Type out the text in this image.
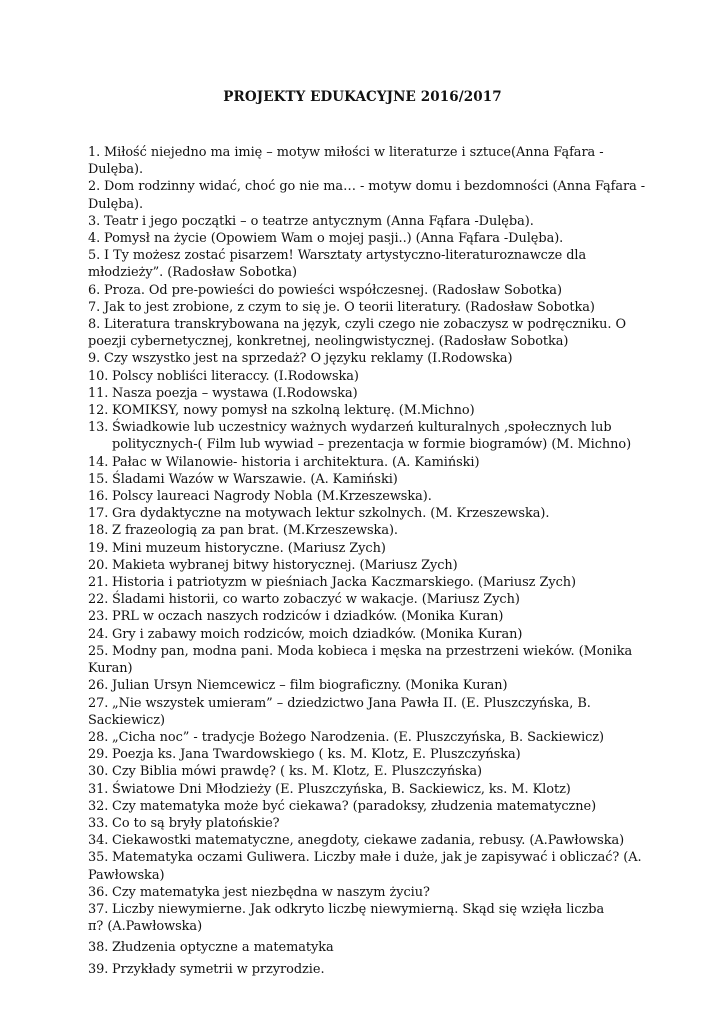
PROJEKTY EDUKACYJNE 2016/2017
1. Miłość niejedno ma imię – motyw miłości w literaturze i sztuce(Anna Fąfara -Dulęba).
2. Dom rodzinny widać, choć go nie ma… - motyw domu i bezdomności (Anna Fąfara -
Dulęba).
3. Teatr i jego początki – o teatrze antycznym (Anna Fąfara -Dulęba).
4. Pomysł na życie (Opowiem Wam o mojej pasji..) (Anna Fąfara -Dulęba).
5. I Ty możesz zostać pisarzem! Warsztaty artystyczno-literaturoznawcze dla
młodzieży”. (Radosław Sobotka)
6. Proza. Od pre-powieści do powieści współczesnej. (Radosław Sobotka)
7. Jak to jest zrobione, z czym to się je. O teorii literatury. (Radosław Sobotka)
8. Literatura transkrybowana na język, czyli czego nie zobaczysz w podręczniku. O
poezji cybernetycznej, konkretnej, neolingwistycznej. (Radosław Sobotka)
9. Czy wszystko jest na sprzedaż? O języku reklamy (I.Rodowska)
10. Polscy nobliści literaccy. (I.Rodowska)
11. Nasza poezja – wystawa (I.Rodowska)
12. KOMIKSY, nowy pomysł na szkolną lekturę. (M.Michno)
13. Świadkowie lub uczestnicy ważnych wydarzeń kulturalnych ,społecznych lub
politycznych-( Film lub wywiad – prezentacja w formie biogramów) (M. Michno)
14. Pałac w Wilanowie- historia i architektura. (A. Kamiński)
15. Śladami Wazów w Warszawie. (A. Kamiński)
16. Polscy laureaci Nagrody Nobla (M.Krzeszewska).
17. Gra dydaktyczne na motywach lektur szkolnych. (M. Krzeszewska).
18. Z frazeologią za pan brat. (M.Krzeszewska).
19. Mini muzeum historyczne. (Mariusz Zych)
20. Makieta wybranej bitwy historycznej. (Mariusz Zych)
21. Historia i patriotyzm w pieśniach Jacka Kaczmarskiego. (Mariusz Zych)
22. Śladami historii, co warto zobaczyć w wakacje. (Mariusz Zych)
23. PRL w oczach naszych rodziców i dziadków. (Monika Kuran)
24. Gry i zabawy moich rodziców, moich dziadków. (Monika Kuran)
25. Modny pan, modna pani. Moda kobieca i męska na przestrzeni wieków. (Monika
Kuran)
26. Julian Ursyn Niemcewicz – film biograficzny. (Monika Kuran)
27. „Nie wszystek umieram” – dziedzictwo Jana Pawła II. (E. Pluszczyńska, B. Sackiewicz)
28. „Cicha noc” - tradycje Bożego Narodzenia. (E. Pluszczyńska, B. Sackiewicz)
29. Poezja ks. Jana Twardowskiego ( ks. M. Klotz, E. Pluszczyńska)
30. Czy Biblia mówi prawdę? ( ks. M. Klotz, E. Pluszczyńska)
31. Światowe Dni Młodzieży (E. Pluszczyńska, B. Sackiewicz, ks. M. Klotz)
32. Czy matematyka może być ciekawa? (paradoksy, złudzenia matematyczne)
33. Co to są bryły platońskie?
34. Ciekawostki matematyczne, anegdoty, ciekawe zadania, rebusy. (A.Pawłowska)
35. Matematyka oczami Guliwera. Liczby małe i duże, jak je zapisywać i obliczać? (A.
Pawłowska)
36. Czy matematyka jest niezbędna w naszym życiu?
37. Liczby niewymierne. Jak odkryto liczbę niewymierną. Skąd się wzięła liczba
π? (A.Pawłowska)
38. Złudzenia optyczne a matematyka
39. Przykłady symetrii w przyrodzie.
